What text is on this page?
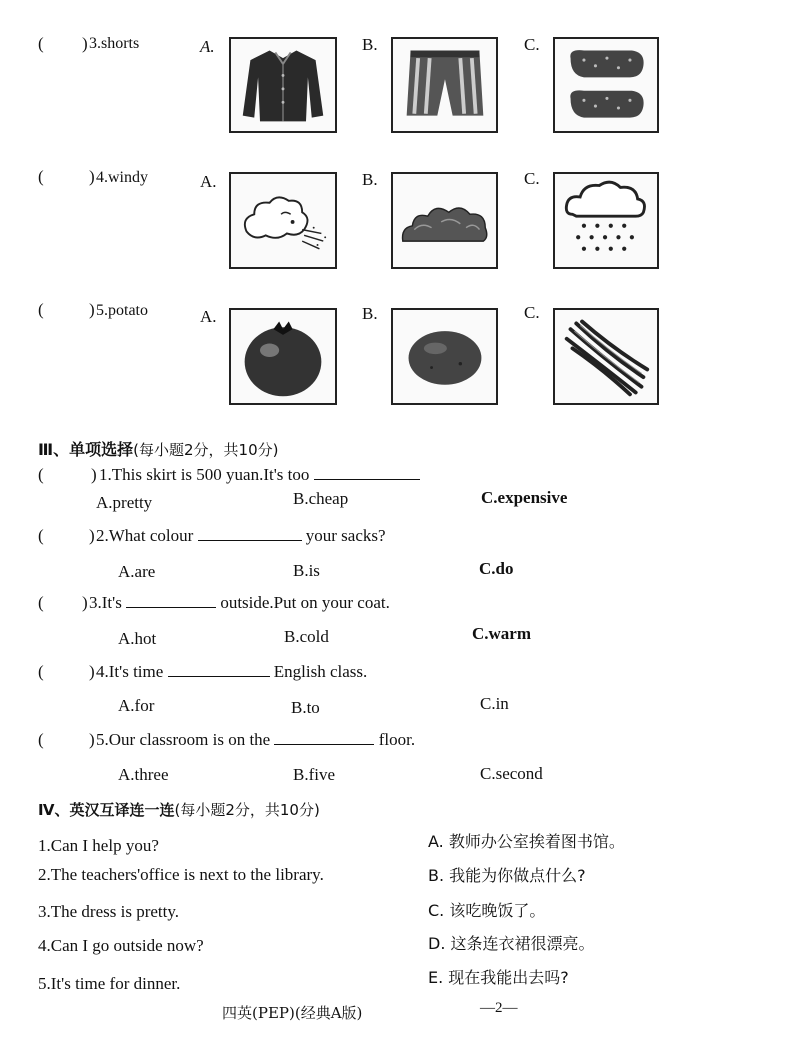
( ) 3.shorts	A.	B.	C.
(	) 4.windy	A.	B.	C.
(	) 5.potato	A.	B.	C.
Ⅲ、单项选择(每小题2分，共10分)
(	) 1.This skirt is 500 yuan.It's too
A.pretty	B.cheap	C.expensive
(	) 2.What colour	your sacks?
A.are	B.is	C.do
( ) 3.It's	outside.Put on your coat.
A.hot	B.cold	C.warm
(	) 4.It's time	English class.
A.for	B.to	C.in
(	) 5.Our classroom is on the	floor.
A.three	B.five	C.second
Ⅳ、英汉互译连一连(每小题2分，共10分)
1.Can I help you?
2.The teachers'office is next to the library.
3.The dress is pretty.
4.Can I go outside now?
5.It's time for dinner.
A. 教师办公室挨着图书馆。
B. 我能为你做点什么?
C. 该吃晚饭了。
D. 这条连衣裙很漂亮。
E. 现在我能出去吗?
四英(PEP)(经典A版)	—2—
